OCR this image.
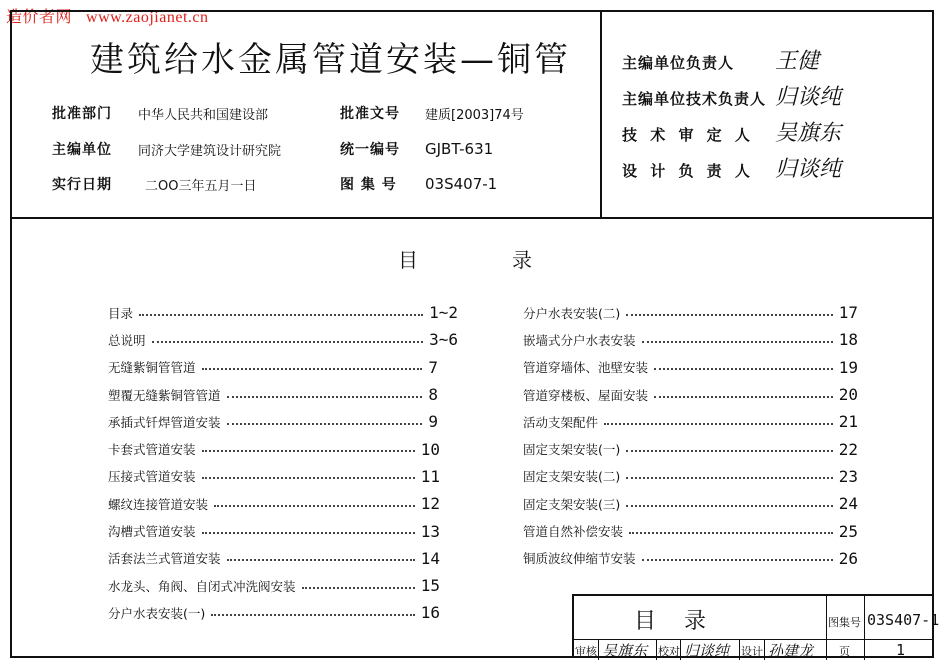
造价者网 www.zaojianet.cn
建筑给水金属管道安装—铜管
批准部门 中华人民共和国建设部	批准文号 建质[2003]74号
主编单位 同济大学建筑设计研究院	统一编号 GJBT-631
实行日期	二OO三年五月一日	图 集 号 03S407-1
主编单位负责人 王健
主编单位技术负责人 归谈纯
技 术 审 定 人 吴旗东
设 计 负 责 人 归谈纯
目	录
目录	1~2
总说明	3~6
无缝紫铜管管道	7
塑覆无缝紫铜管管道	8
承插式钎焊管道安装	9
卡套式管道安装	10
压接式管道安装	11
螺纹连接管道安装	12
沟槽式管道安装	13
活套法兰式管道安装	14
水龙头、角阀、自闭式冲洗阀安装	15
分户水表安装(一)	16
分户水表安装(二)	17
嵌墙式分户水表安装	18
管道穿墙体、池壁安装	19
管道穿楼板、屋面安装	20
活动支架配件	21
固定支架安装(一)	22
固定支架安装(二)	23
固定支架安装(三)	24
管道自然补偿安装	25
铜质波纹伸缩节安装	26
目录	图集号 03S407-1
审核 吴旗东 校对 归谈纯 设计 孙建龙 页	1
